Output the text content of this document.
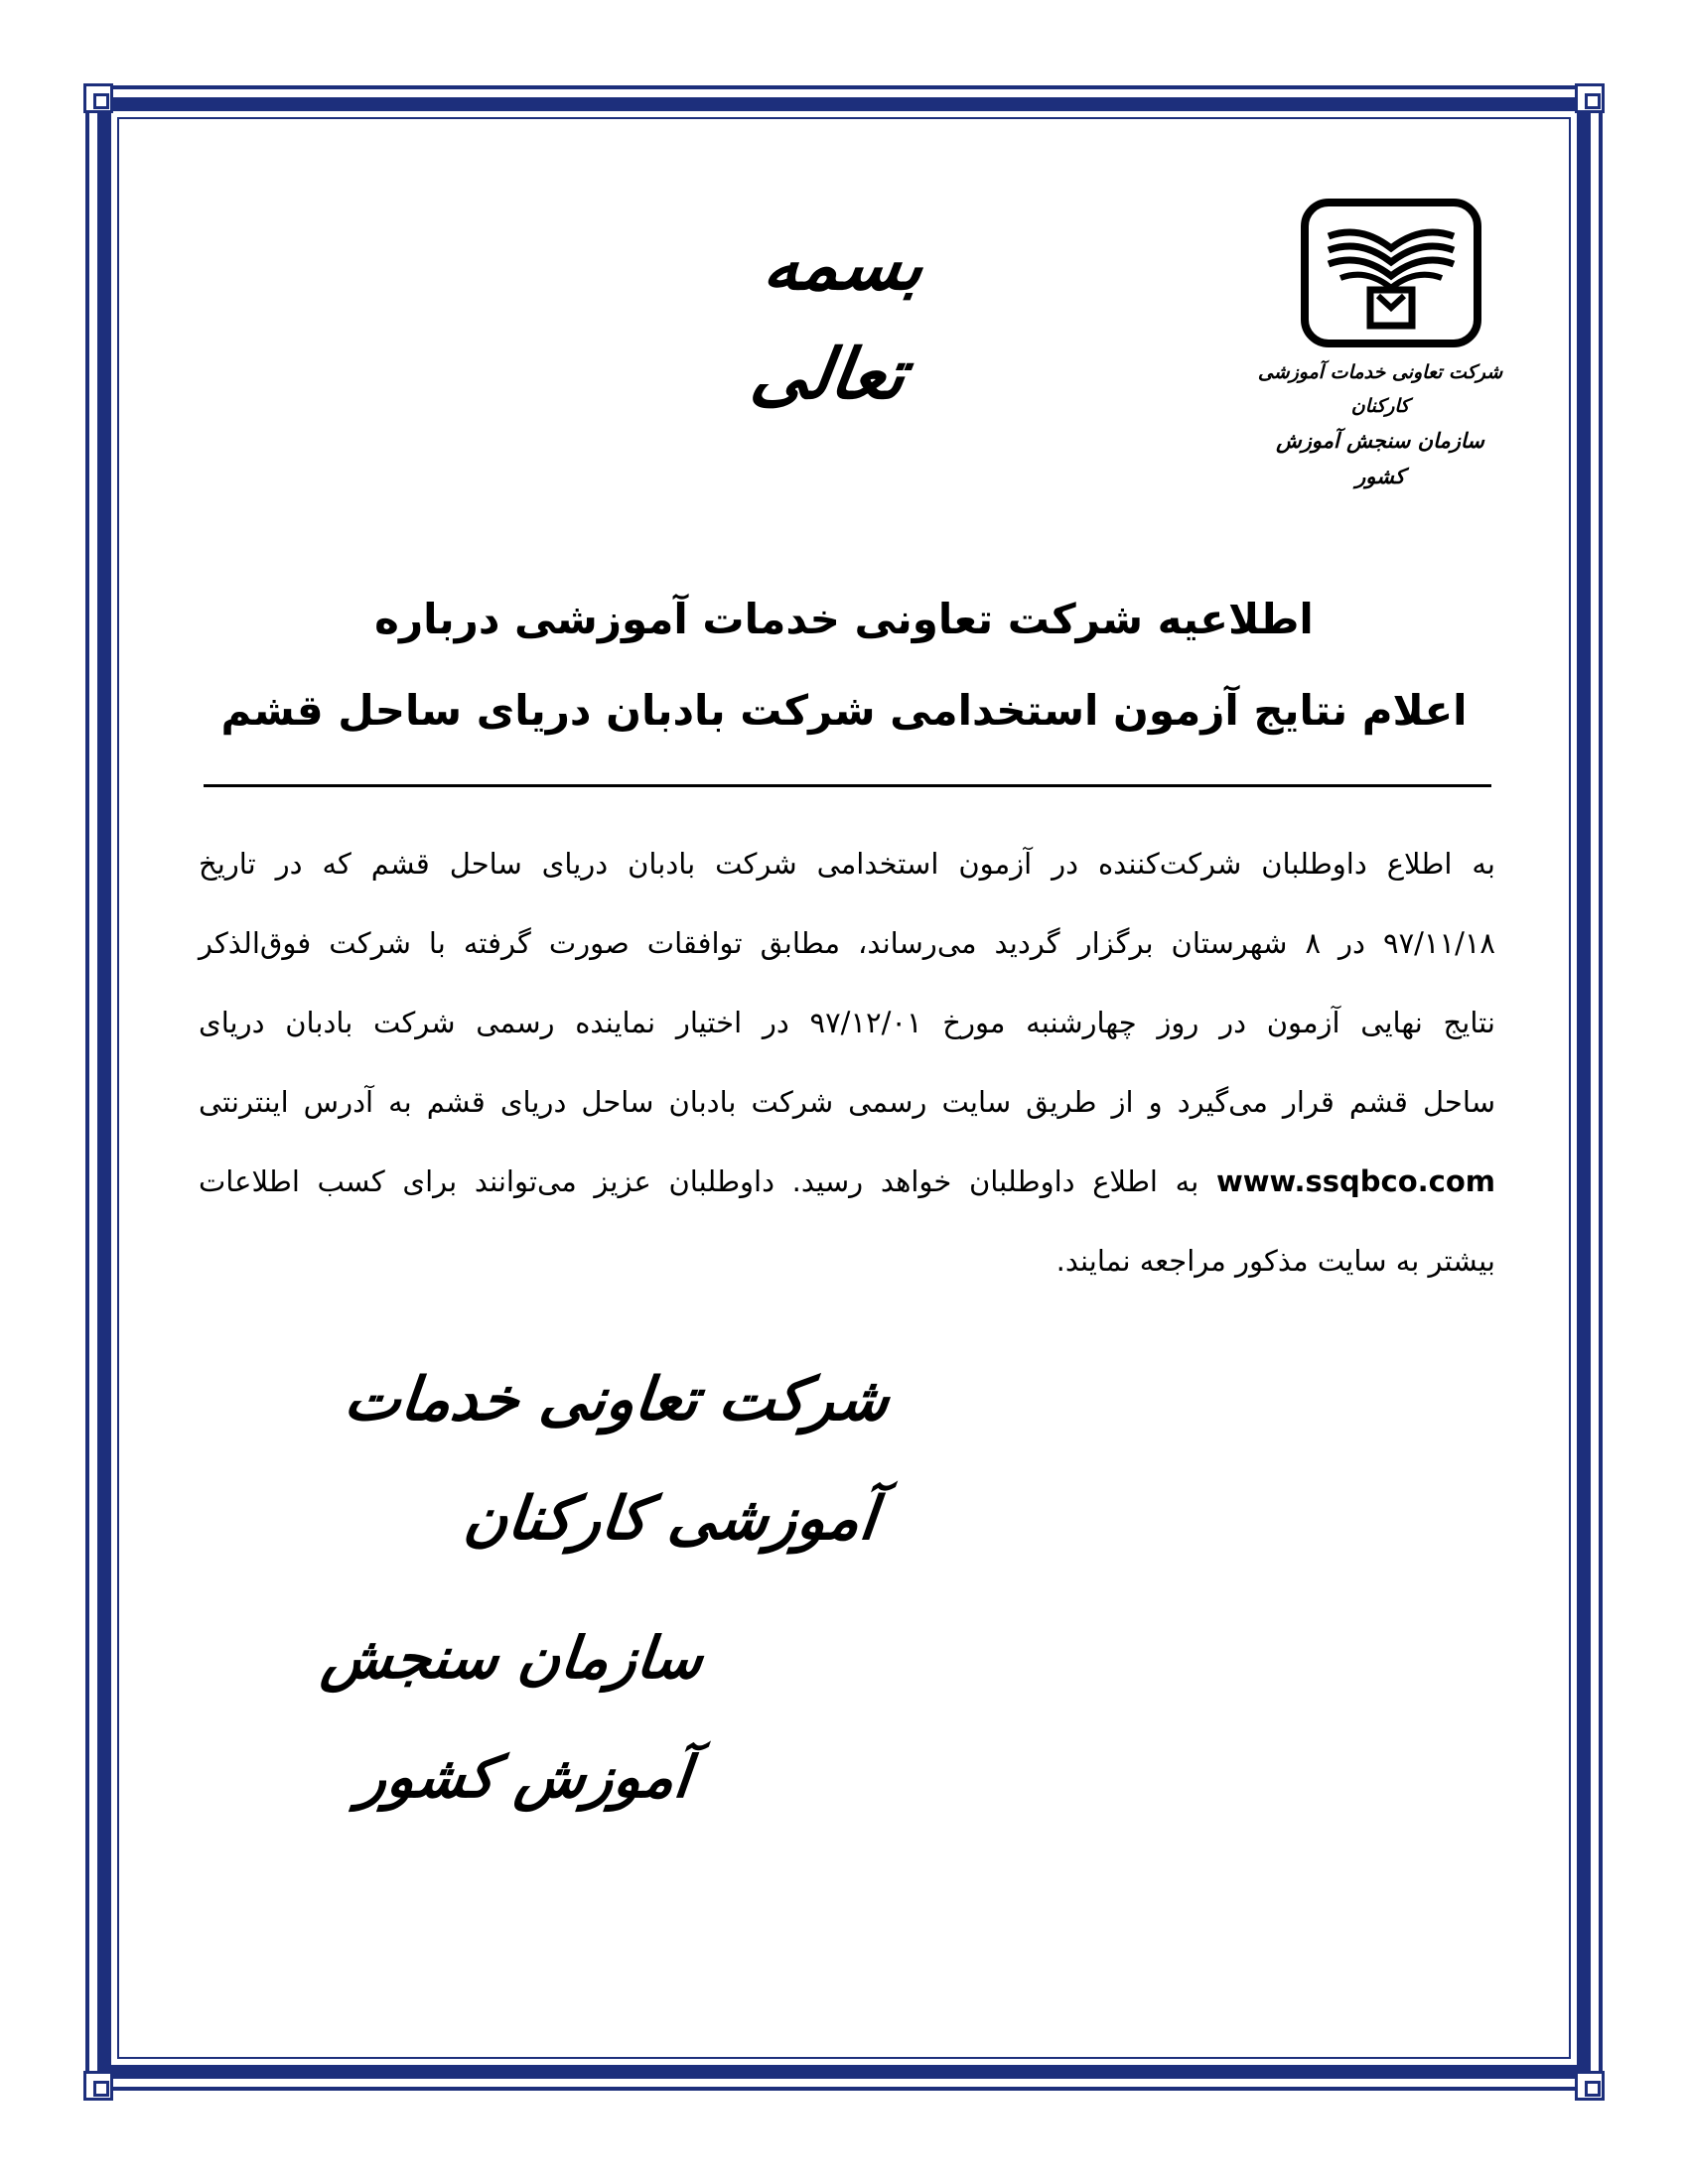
بسمه تعالی	شرکت تعاونی خدمات آموزشی کارکنان
سازمان سنجش آموزش کشور
اطلاعیه شرکت تعاونی خدمات آموزشی درباره
اعلام نتایج آزمون استخدامی شرکت بادبان دریای ساحل قشم
به اطلاع داوطلبان شرکت‌کننده در آزمون استخدامی شرکت بادبان دریای ساحل قشم که در تاریخ
۹۷/۱۱/۱۸ در ۸ شهرستان برگزار گردید می‌رساند، مطابق توافقات صورت گرفته با شرکت فوق‌الذکر
نتایج نهایی آزمون در روز چهارشنبه مورخ ۹۷/۱۲/۰۱ در اختیار نماینده رسمی شرکت بادبان دریای
ساحل قشم قرار می‌گیرد و از طریق سایت رسمی شرکت بادبان ساحل دریای قشم به آدرس اینترنتی
www.ssqbco.com به اطلاع داوطلبان خواهد رسید. داوطلبان عزیز می‌توانند برای کسب اطلاعات
بیشتر به سایت مذکور مراجعه نمایند.
شرکت تعاونی خدمات آموزشی کارکنان
سازمان سنجش آموزش کشور
